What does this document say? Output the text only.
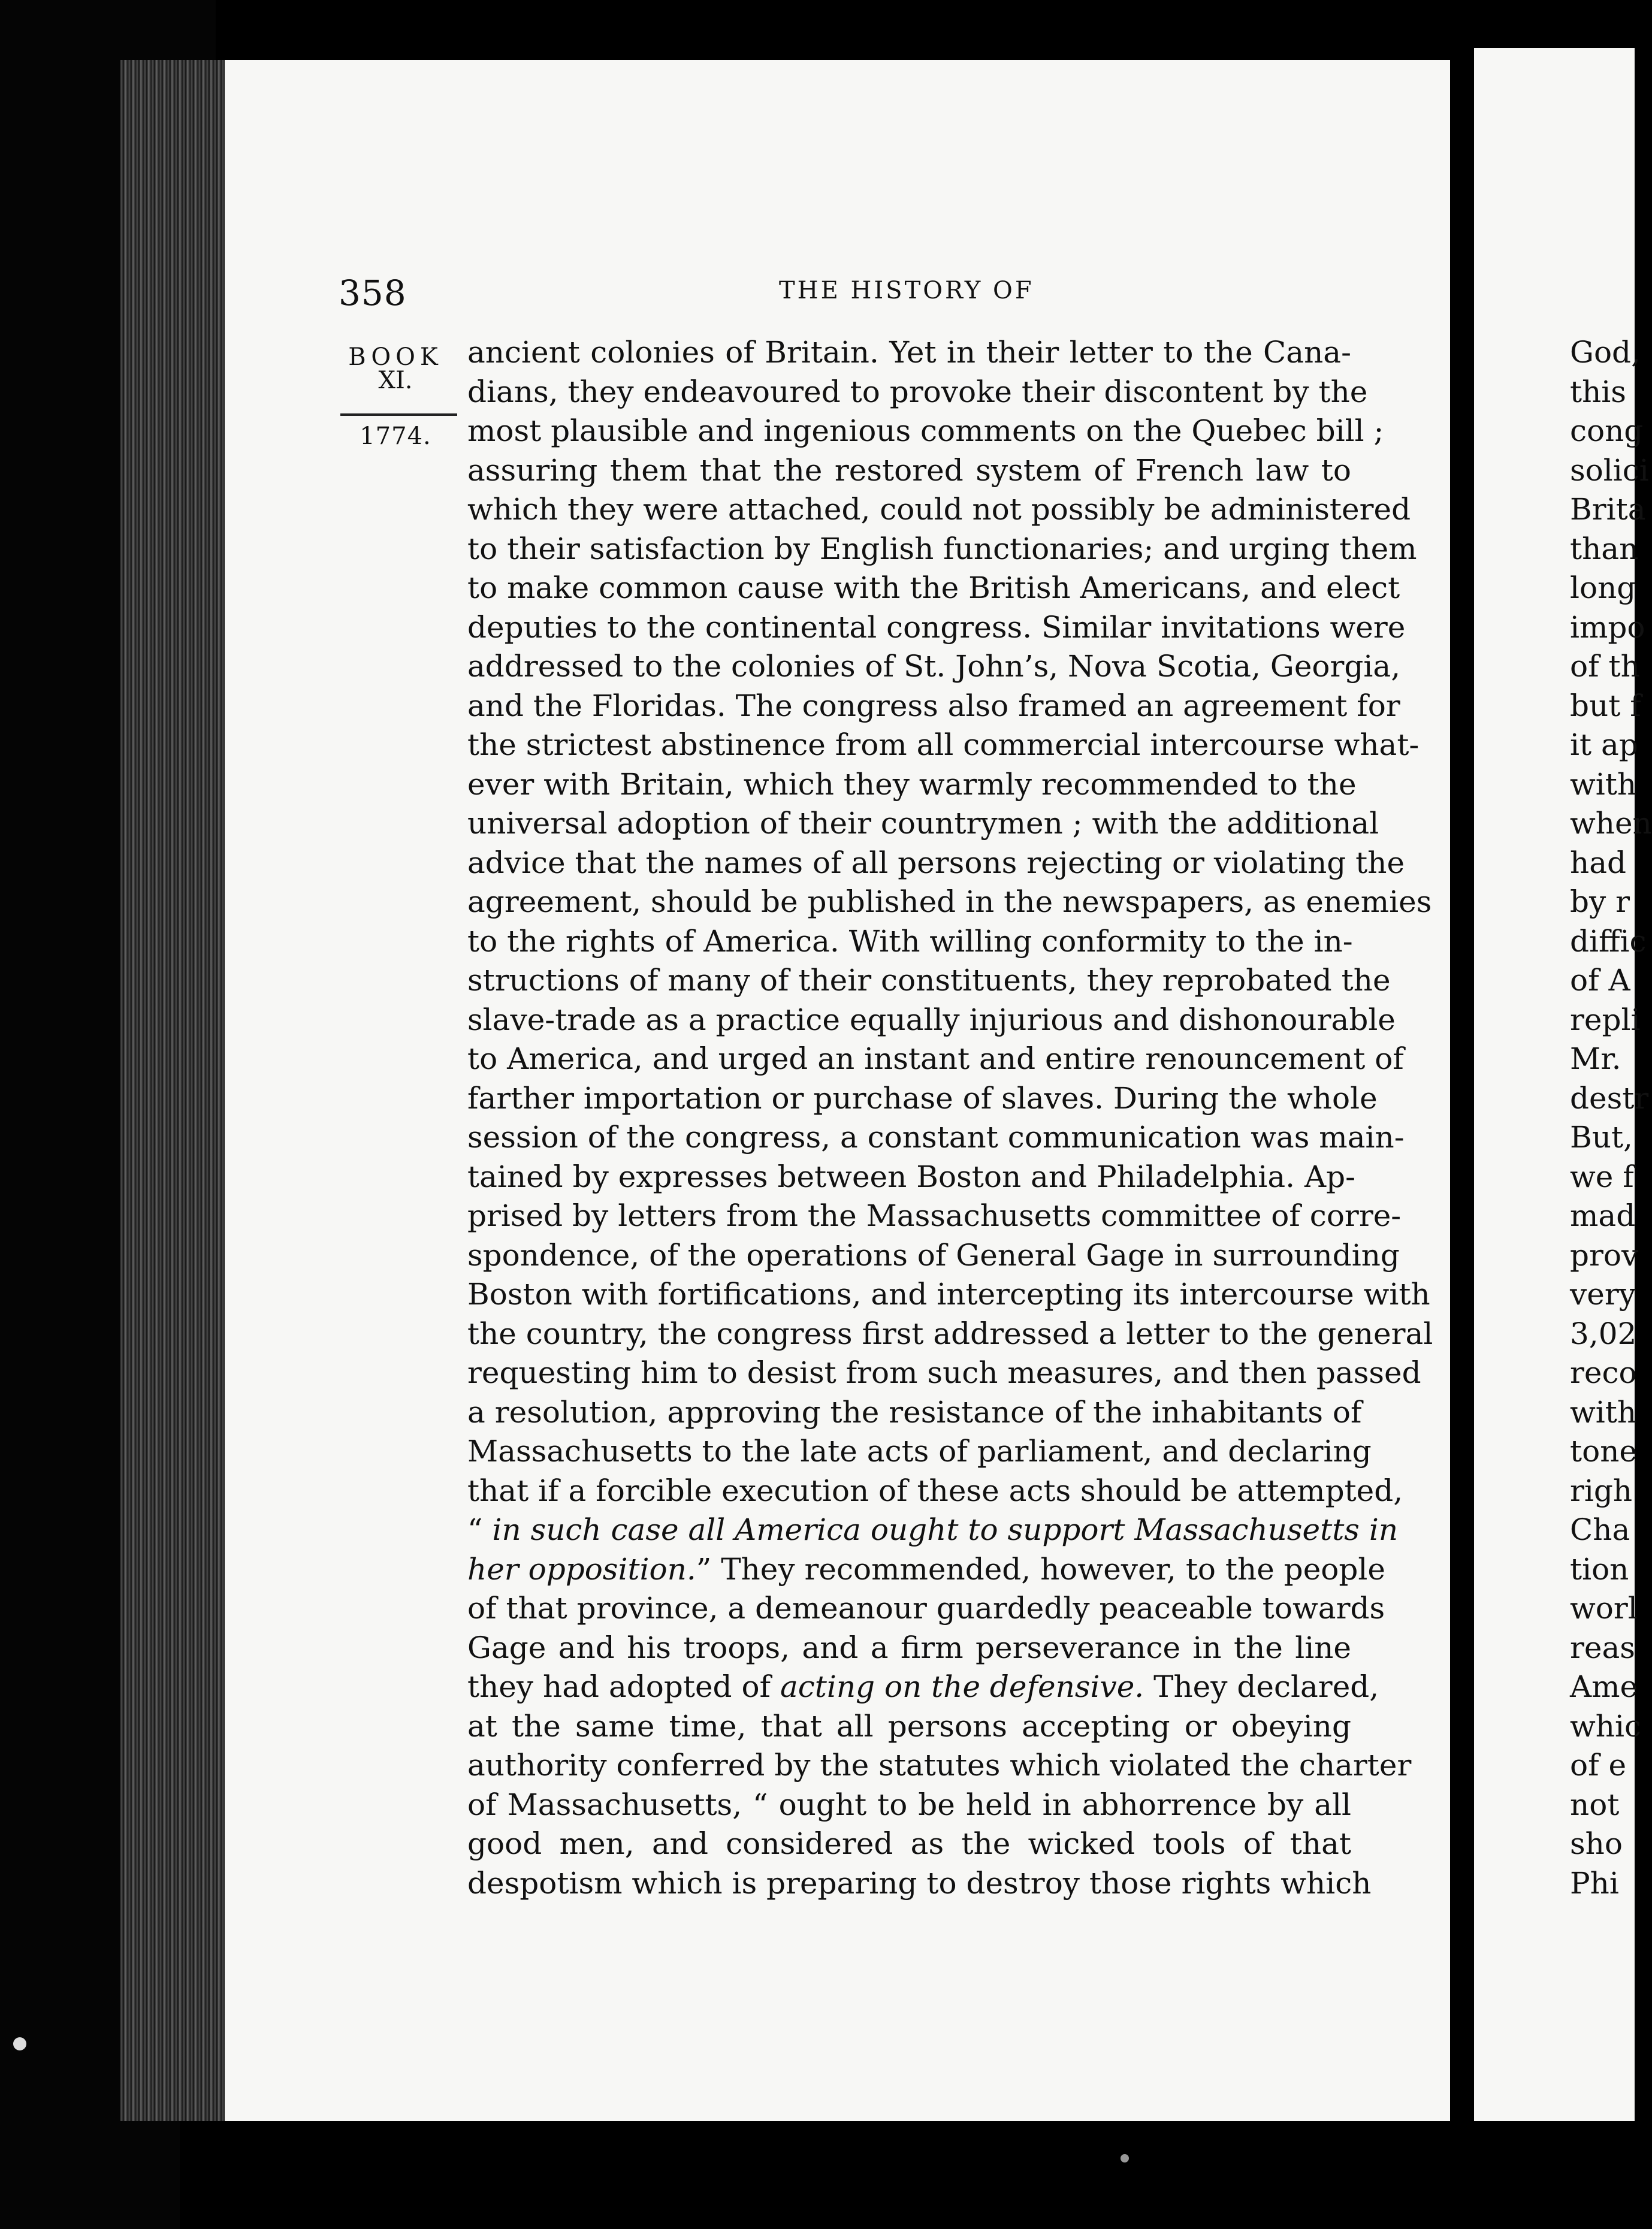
358	THE HISTORY OF
BOOK
XI.
1774.
ancient colonies of Britain. Yet in their letter to the Cana-
dians, they endeavoured to provoke their discontent by the
most plausible and ingenious comments on the Quebec bill ;
assuring them that the restored system of French law to
which they were attached, could not possibly be administered
to their satisfaction by English functionaries; and urging them
to make common cause with the British Americans, and elect
deputies to the continental congress. Similar invitations were
addressed to the colonies of St. John’s, Nova Scotia, Georgia,
and the Floridas. The congress also framed an agreement for
the strictest abstinence from all commercial intercourse what-
ever with Britain, which they warmly recommended to the
universal adoption of their countrymen ; with the additional
advice that the names of all persons rejecting or violating the
agreement, should be published in the newspapers, as enemies
to the rights of America. With willing conformity to the in-
structions of many of their constituents, they reprobated the
slave-trade as a practice equally injurious and dishonourable
to America, and urged an instant and entire renouncement of
farther importation or purchase of slaves. During the whole
session of the congress, a constant communication was main-
tained by expresses between Boston and Philadelphia. Ap-
prised by letters from the Massachusetts committee of corre-
spondence, of the operations of General Gage in surrounding
Boston with fortifications, and intercepting its intercourse with
the country, the congress first addressed a letter to the general
requesting him to desist from such measures, and then passed
a resolution, approving the resistance of the inhabitants of
Massachusetts to the late acts of parliament, and declaring
that if a forcible execution of these acts should be attempted,
“ in such case all America ought to support Massachusetts in
her opposition.” They recommended, however, to the people
of that province, a demeanour guardedly peaceable towards
Gage and his troops, and a firm perseverance in the line
they had adopted of acting on the defensive. They declared,
at the same time, that all persons accepting or obeying
authority conferred by the statutes which violated the charter
of Massachusetts, “ ought to be held in abhorrence by all
good men, and considered as the wicked tools of that
despotism which is preparing to destroy those rights which
God,
this
cong
solici
Brita
than
long
impo
of th
but f
it ap
with
when
had
by r
diffic
of A
repli
Mr.
destr
But,
we f
mad
prov
very
3,02
reco
with
tone
righ
Cha
tion
worl
reas
Ame
whic
of e
not
sho
Phi
